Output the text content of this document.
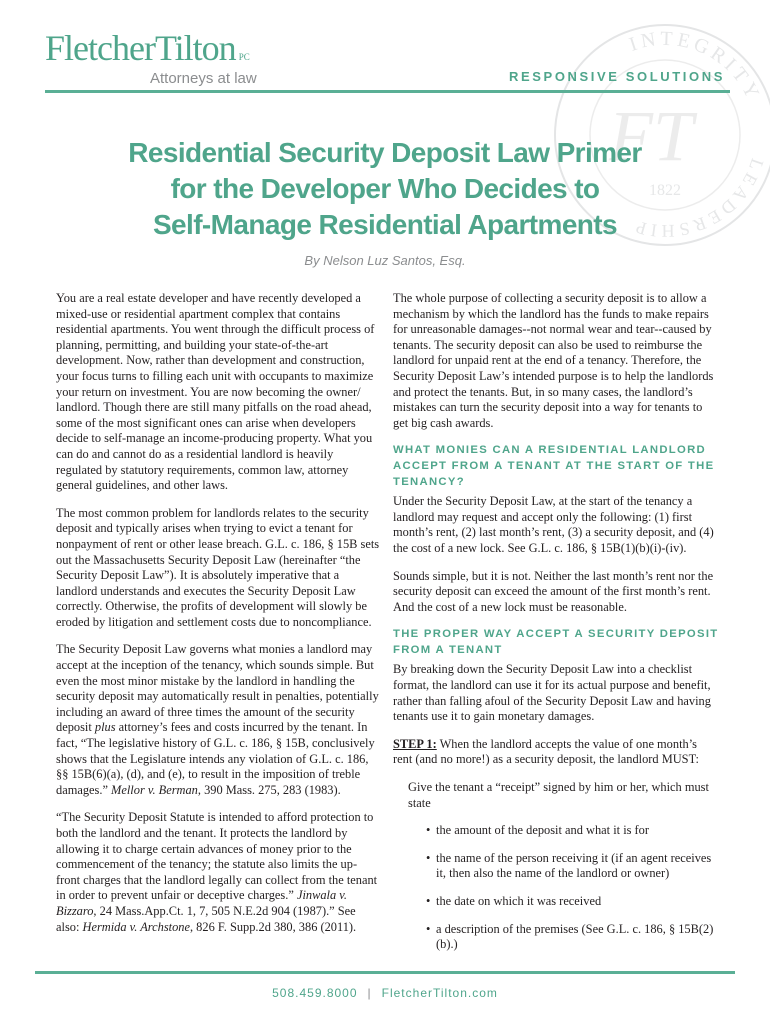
FletcherTilton PC
Attorneys at law
INTEGRITY
LEADERSHIP
FT
1822
RESPONSIVE SOLUTIONS
Residential Security Deposit Law Primer
for the Developer Who Decides to
Self-Manage Residential Apartments
By Nelson Luz Santos, Esq.

You are a real estate developer and have recently developed a mixed-use or residential apartment complex that contains residential apartments. You went through the difficult process of planning, permitting, and building your state-of-the-art development. Now, rather than development and construction, your focus turns to filling each unit with occupants to maximize your return on investment. You are now becoming the owner/ landlord. Though there are still many pitfalls on the road ahead, some of the most significant ones can arise when developers decide to self-manage an income-producing property. What you can do and cannot do as a residential landlord is heavily regulated by statutory requirements, common law, attorney general guidelines, and other laws.

The most common problem for landlords relates to the security deposit and typically arises when trying to evict a tenant for nonpayment of rent or other lease breach. G.L. c. 186, § 15B sets out the Massachusetts Security Deposit Law (hereinafter “the Security Deposit Law”). It is absolutely imperative that a landlord understands and executes the Security Deposit Law correctly. Otherwise, the profits of development will slowly be eroded by litigation and settlement costs due to noncompliance.

The Security Deposit Law governs what monies a landlord may accept at the inception of the tenancy, which sounds simple. But even the most minor mistake by the landlord in handling the security deposit may automatically result in penalties, potentially including an award of three times the amount of the security deposit plus attorney’s fees and costs incurred by the tenant. In fact, “The legislative history of G.L. c. 186, § 15B, conclusively shows that the Legislature intends any violation of G.L. c. 186, §§ 15B(6)(a), (d), and (e), to result in the imposition of treble damages.” Mellor v. Berman, 390 Mass. 275, 283 (1983).

“The Security Deposit Statute is intended to afford protection to both the landlord and the tenant. It protects the landlord by allowing it to charge certain advances of money prior to the commencement of the tenancy; the statute also limits the up-front charges that the landlord legally can collect from the tenant in order to prevent unfair or deceptive charges.” Jinwala v. Bizzaro, 24 Mass.App.Ct. 1, 7, 505 N.E.2d 904 (1987).” See also: Hermida v. Archstone, 826 F. Supp.2d 380, 386 (2011).

The whole purpose of collecting a security deposit is to allow a mechanism by which the landlord has the funds to make repairs for unreasonable damages--not normal wear and tear--caused by tenants. The security deposit can also be used to reimburse the landlord for unpaid rent at the end of a tenancy. Therefore, the Security Deposit Law’s intended purpose is to help the landlords and protect the tenants. But, in so many cases, the landlord’s mistakes can turn the security deposit into a way for tenants to get big cash awards.

WHAT MONIES CAN A RESIDENTIAL LANDLORD ACCEPT FROM A TENANT AT THE START OF THE TENANCY?

Under the Security Deposit Law, at the start of the tenancy a landlord may request and accept only the following: (1) first month’s rent, (2) last month’s rent, (3) a security deposit, and (4) the cost of a new lock. See G.L. c. 186, § 15B(1)(b)(i)-(iv).

Sounds simple, but it is not. Neither the last month’s rent nor the security deposit can exceed the amount of the first month’s rent. And the cost of a new lock must be reasonable.

THE PROPER WAY ACCEPT A SECURITY DEPOSIT FROM A TENANT

By breaking down the Security Deposit Law into a checklist format, the landlord can use it for its actual purpose and benefit, rather than falling afoul of the Security Deposit Law and having tenants use it to gain monetary damages.

STEP 1: When the landlord accepts the value of one month’s rent (and no more!) as a security deposit, the landlord MUST:

Give the tenant a “receipt” signed by him or her, which must state

• the amount of the deposit and what it is for
• the name of the person receiving it (if an agent receives it, then also the name of the landlord or owner)
• the date on which it was received
• a description of the premises (See G.L. c. 186, § 15B(2)(b).)
508.459.8000 | FletcherTilton.com
